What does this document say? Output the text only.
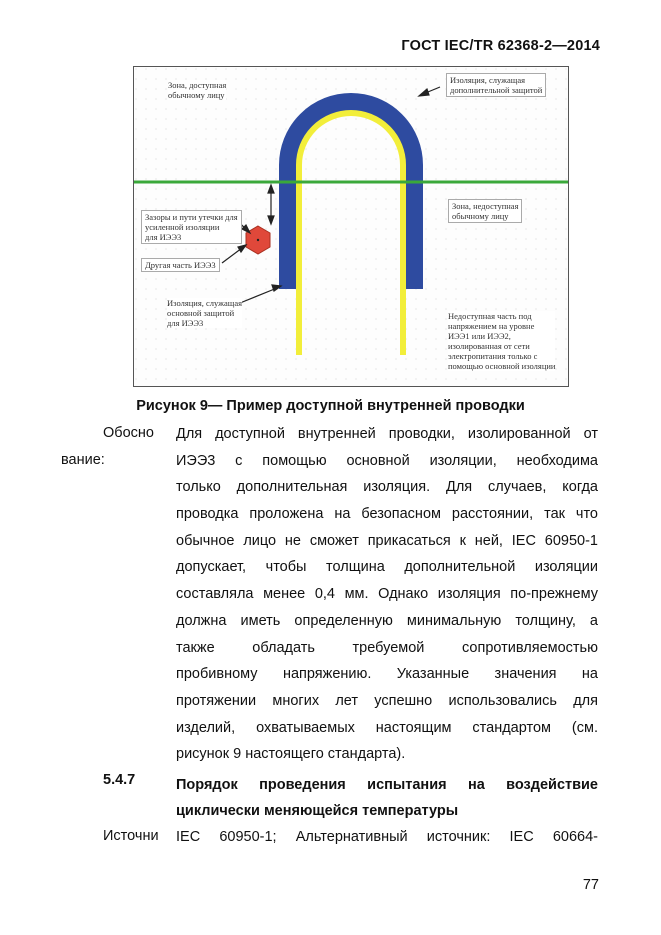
ГОСТ IEC/TR 62368-2—2014
Зона, доступная
обычному лицу
Изоляция, служащая
дополнительной защитой
Зона, недоступная
обычному лицу
Зазоры и пути утечки для
усиленной изоляции
для ИЭЭ3
Другая часть ИЭЭ3
Изоляция, служащая
основной защитой
для ИЭЭ3
Недоступная часть под
напряжением на уровне
ИЭЭ1 или ИЭЭ2,
изолированная от сети
электропитания только с
помощью основной изоляции
Рисунок 9— Пример доступной внутренней проводки
Обосно
вание:
Для доступной внутренней проводки, изолированной от
ИЭЭ3 с помощью основной изоляции, необходима
только дополнительная изоляция. Для случаев, когда
проводка проложена на безопасном расстоянии, так что
обычное лицо не сможет прикасаться к ней, IEC 60950-1
допускает, чтобы толщина дополнительной изоляции
составляла менее 0,4 мм. Однако изоляция по-прежнему
должна иметь определенную минимальную толщину, а
также обладать требуемой сопротивляемостью
пробивному напряжению. Указанные значения на
протяжении многих лет успешно использовались для
изделий, охватываемых настоящим стандартом (см.
рисунок 9 настоящего стандарта).
5.4.7	Порядок проведения испытания на воздействие циклически меняющейся температуры
Источни IEC 60950-1; Альтернативный источник: IEC 60664-
77
